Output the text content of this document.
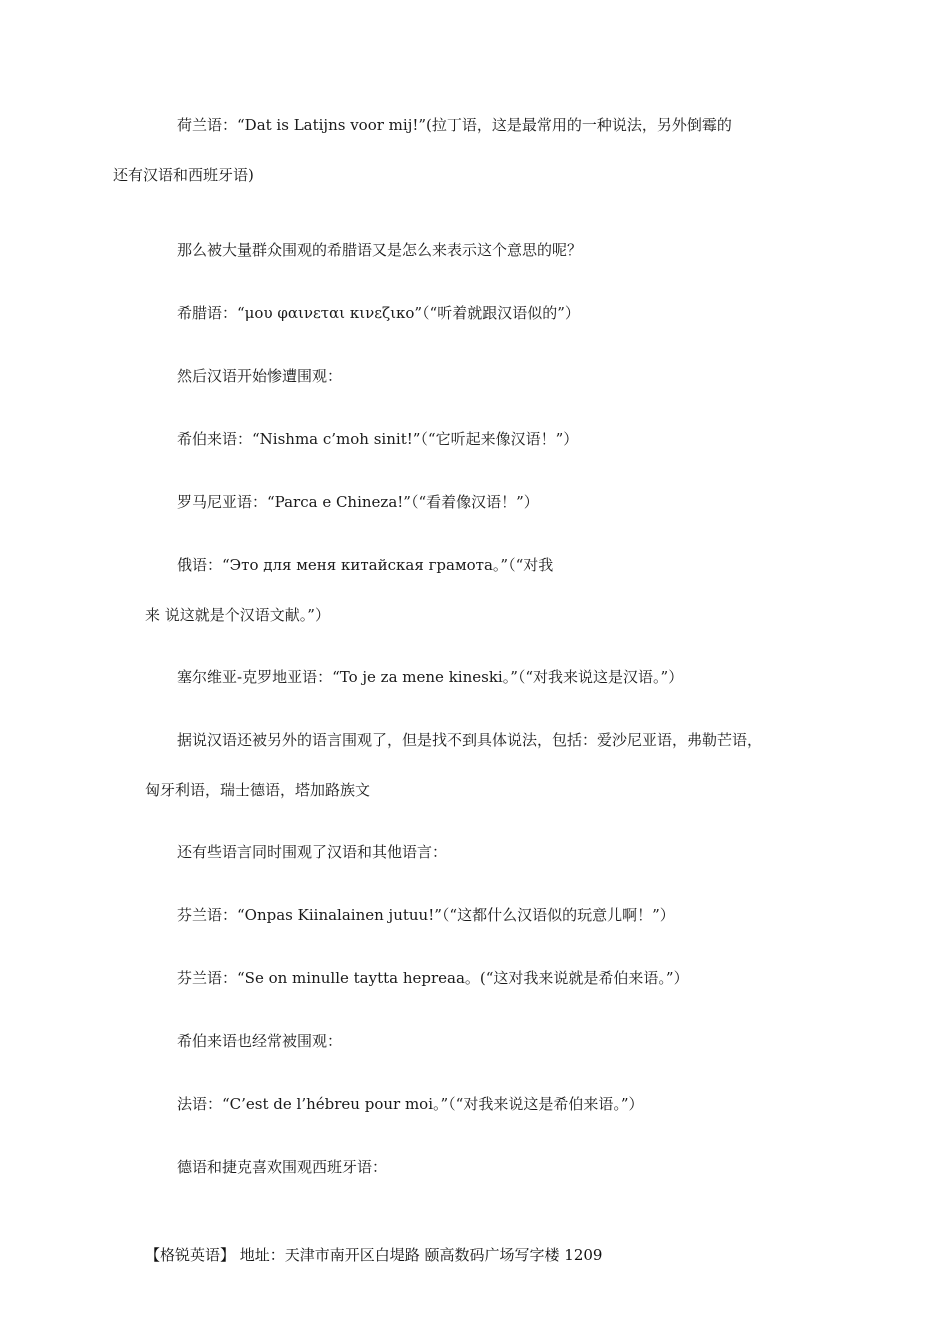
荷兰语：“Dat is Latijns voor mij!”(拉丁语，这是最常用的一种说法，另外倒霉的
还有汉语和西班牙语)

那么被大量群众围观的希腊语又是怎么来表示这个意思的呢？

希腊语：“μου φαινεται κινεζικο”（“听着就跟汉语似的”）

然后汉语开始惨遭围观：

希伯来语：“Nishma c’moh sinit!”（“它听起来像汉语！”）

罗马尼亚语：“Parca e Chineza!”（“看着像汉语！”）

俄语：“Это для меня китайская грамота。”（“对我
来 说这就是个汉语文献。”）

塞尔维亚-克罗地亚语：“To je za mene kineski。”（“对我来说这是汉语。”）

据说汉语还被另外的语言围观了，但是找不到具体说法，包括：爱沙尼亚语，弗勒芒语，
匈牙利语，瑞士德语，塔加路族文

还有些语言同时围观了汉语和其他语言：

芬兰语：“Onpas Kiinalainen jutuu!”（“这都什么汉语似的玩意儿啊！”）

芬兰语：“Se on minulle taytta hepreaa。(“这对我来说就是希伯来语。”）

希伯来语也经常被围观：

法语：“C’est de l’hébreu pour moi。”（“对我来说这是希伯来语。”）

德语和捷克喜欢围观西班牙语：

【格锐英语】 地址：天津市南开区白堤路 颐高数码广场写字楼 1209
